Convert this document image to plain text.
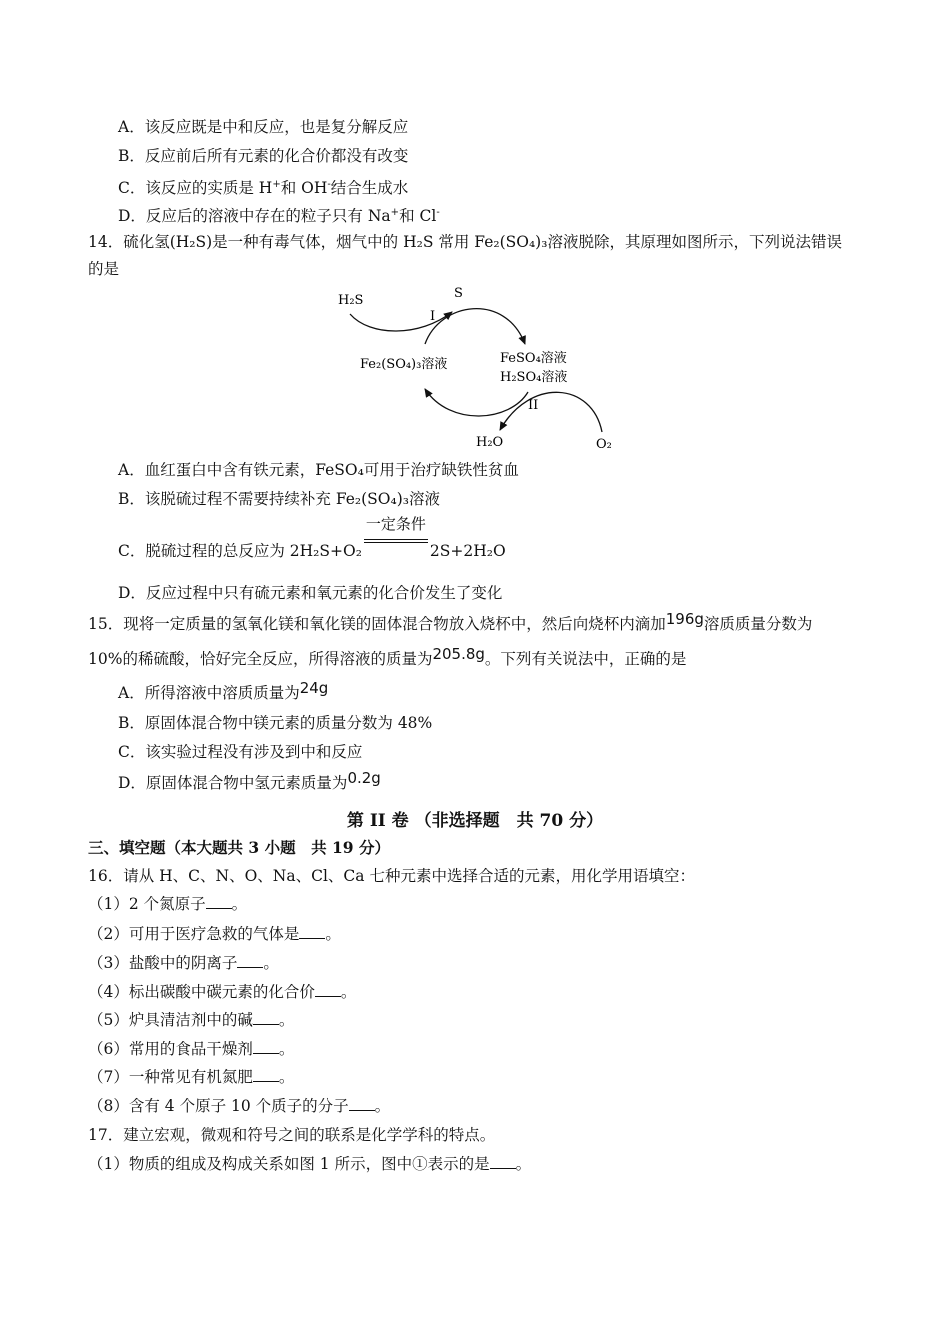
A．该反应既是中和反应，也是复分解反应
B．反应前后所有元素的化合价都没有改变
C．该反应的实质是 H+和 OH-结合生成水
D．反应后的溶液中存在的粒子只有 Na+和 Cl-
14．硫化氢(H₂S)是一种有毒气体，烟气中的 H₂S 常用 Fe₂(SO₄)₃溶液脱除，其原理如图所示，下列说法错误
的是
H₂S	S
I
Fe₂(SO₄)₃溶液	FeSO₄溶液
H₂SO₄溶液
II
H₂O	O₂
A．血红蛋白中含有铁元素，FeSO₄可用于治疗缺铁性贫血
B．该脱硫过程不需要持续补充 Fe₂(SO₄)₃溶液
C．脱硫过程的总反应为 2H₂S+O₂
一定条件
2S+2H₂O
D．反应过程中只有硫元素和氧元素的化合价发生了变化
15．现将一定质量的氢氧化镁和氧化镁的固体混合物放入烧杯中，然后向烧杯内滴加196g溶质质量分数为
10%的稀硫酸，恰好完全反应，所得溶液的质量为205.8g。下列有关说法中，正确的是
A．所得溶液中溶质质量为24g
B．原固体混合物中镁元素的质量分数为 48%
C．该实验过程没有涉及到中和反应
D．原固体混合物中氢元素质量为0.2g
第 II 卷 （非选择题　共 70 分）
三、填空题（本大题共 3 小题　共 19 分）
16．请从 H、C、N、O、Na、Cl、Ca 七种元素中选择合适的元素，用化学用语填空：
（1）2 个氮原子 。
（2）可用于医疗急救的气体是 。
（3）盐酸中的阴离子 。
（4）标出碳酸中碳元素的化合价 。
（5）炉具清洁剂中的碱 。
（6）常用的食品干燥剂 。
（7）一种常见有机氮肥 。
（8）含有 4 个原子 10 个质子的分子 。
17．建立宏观，微观和符号之间的联系是化学学科的特点。
（1）物质的组成及构成关系如图 1 所示，图中①表示的是 。
